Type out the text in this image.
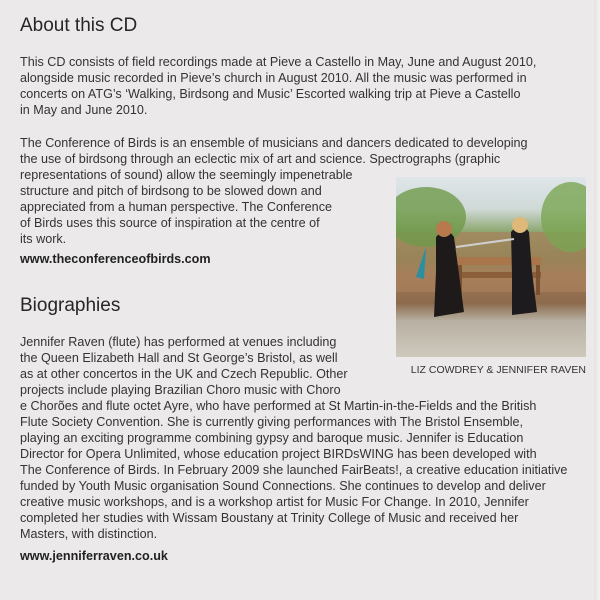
About this CD
This CD consists of field recordings made at Pieve a Castello in May, June and August 2010,
alongside music recorded in Pieve’s church in August 2010. All the music was performed in
concerts on ATG’s ‘Walking, Birdsong and Music’ Escorted walking trip at Pieve a Castello
in May and June 2010.
The Conference of Birds is an ensemble of musicians and dancers dedicated to developing
the use of birdsong through an eclectic mix of art and science. Spectrographs (graphic
representations of sound) allow the seemingly impenetrable
structure and pitch of birdsong to be slowed down and
appreciated from a human perspective. The Conference
of Birds uses this source of inspiration at the centre of
its work.
www.theconferenceofbirds.com
LIZ COWDREY & JENNIFER RAVEN
Biographies
Jennifer Raven (flute) has performed at venues including
the Queen Elizabeth Hall and St George’s Bristol, as well
as at other concertos in the UK and Czech Republic. Other
projects include playing Brazilian Choro music with Choro
e Chorões and flute octet Ayre, who have performed at St Martin-in-the-Fields and the British
Flute Society Convention. She is currently giving performances with The Bristol Ensemble,
playing an exciting programme combining gypsy and baroque music. Jennifer is Education
Director for Opera Unlimited, whose education project BIRDsWING has been developed with
The Conference of Birds. In February 2009 she launched FairBeats!, a creative education initiative
funded by Youth Music organisation Sound Connections. She continues to develop and deliver
creative music workshops, and is a workshop artist for Music For Change. In 2010, Jennifer
completed her studies with Wissam Boustany at Trinity College of Music and received her
Masters, with distinction.
www.jenniferraven.co.uk
